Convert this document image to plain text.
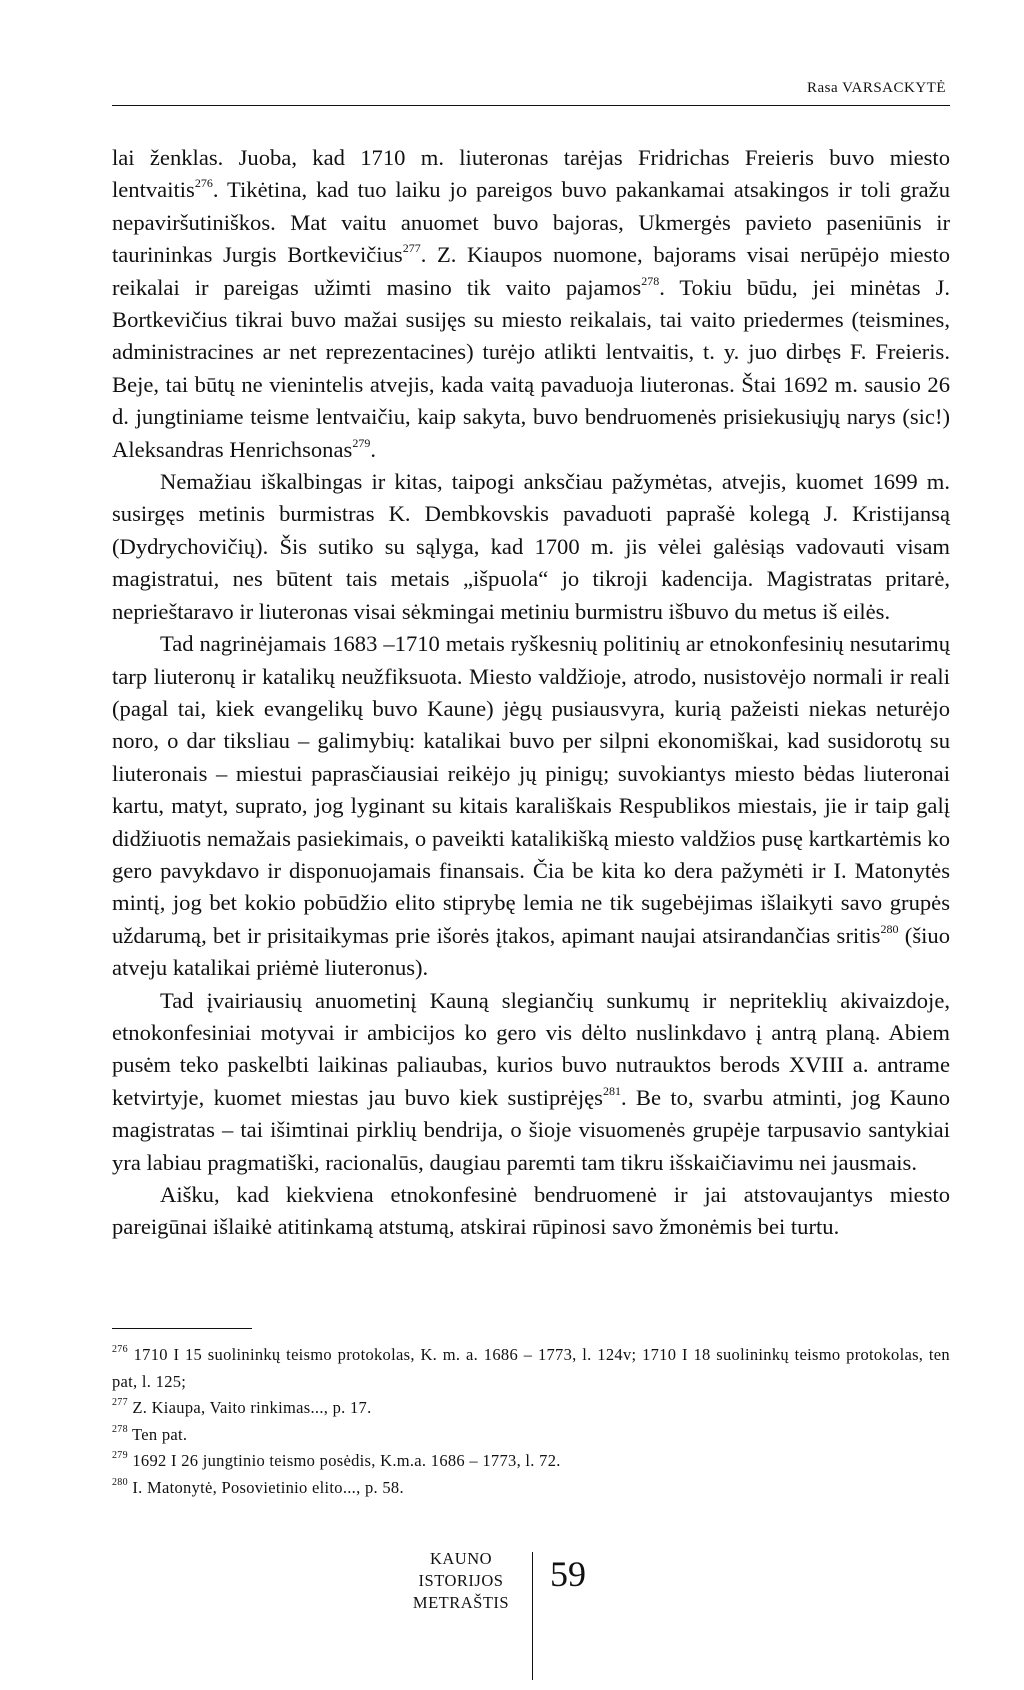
Rasa VARSACKYTĖ

lai ženklas. Juoba, kad 1710 m. liuteronas tarėjas Fridrichas Freieris buvo miesto lentvaitis$^{276}$. Tikėtina, kad tuo laiku jo pareigos buvo pakankamai atsakingos ir toli gražu nepaviršutiniškos. Mat vaitu anuomet buvo bajoras, Ukmergės pavieto paseniūnis ir taurininkas Jurgis Bortkevičius$^{277}$. Z. Kiaupos nuomone, bajorams visai nerūpėjo miesto reikalai ir pareigas užimti masino tik vaito pajamos$^{278}$. Tokiu būdu, jei minėtas J. Bortkevičius tikrai buvo mažai susijęs su miesto reikalais, tai vaito priedermes (teismines, administracines ar net reprezentacines) turėjo atlikti lentvaitis, t. y. juo dirbęs F. Freieris. Beje, tai būtų ne vienintelis atvejis, kada vaitą pavaduoja liuteronas. Štai 1692 m. sausio 26 d. jungtiniame teisme lentvaičiu, kaip sakyta, buvo bendruomenės prisiekusiųjų narys (sic!) Aleksandras Henrichsonas$^{279}$.

Nemažiau iškalbingas ir kitas, taipogi anksčiau pažymėtas, atvejis, kuomet 1699 m. susirgęs metinis burmistras K. Dembkovskis pavaduoti paprašė kolegą J. Kristijansą (Dydrychovičių). Šis sutiko su sąlyga, kad 1700 m. jis vėlei galėsiąs vadovauti visam magistratui, nes būtent tais metais „išpuola“ jo tikroji kadencija. Magistratas pritarė, neprieštaravo ir liuteronas visai sėkmingai metiniu burmistru išbuvo du metus iš eilės.

Tad nagrinėjamais 1683 –1710 metais ryškesnių politinių ar etnokonfesinių nesutarimų tarp liuteronų ir katalikų neužfiksuota. Miesto valdžioje, atrodo, nusistovėjo normali ir reali (pagal tai, kiek evangelikų buvo Kaune) jėgų pusiausvyra, kurią pažeisti niekas neturėjo noro, o dar tiksliau – galimybių: katalikai buvo per silpni ekonomiškai, kad susidorotų su liuteronais – miestui paprasčiausiai reikėjo jų pinigų; suvokiantys miesto bėdas liuteronai kartu, matyt, suprato, jog lyginant su kitais karališkais Respublikos miestais, jie ir taip galį didžiuotis nemažais pasiekimais, o paveikti katalikišką miesto valdžios pusę kartkartėmis ko gero pavykdavo ir disponuojamais finansais. Čia be kita ko dera pažymėti ir I. Matonytės mintį, jog bet kokio pobūdžio elito stiprybę lemia ne tik sugebėjimas išlaikyti savo grupės uždarumą, bet ir prisitaikymas prie išorės įtakos, apimant naujai atsirandančias sritis$^{280}$ (šiuo atveju katalikai priėmė liuteronus).

Tad įvairiausių anuometinį Kauną slegiančių sunkumų ir nepriteklių akivaizdoje, etnokonfesiniai motyvai ir ambicijos ko gero vis dėlto nuslinkdavo į antrą planą. Abiem pusėm teko paskelbti laikinas paliaubas, kurios buvo nutrauktos berods XVIII a. antrame ketvirtyje, kuomet miestas jau buvo kiek sustiprėjęs$^{281}$. Be to, svarbu atminti, jog Kauno magistratas – tai išimtinai pirklių bendrija, o šioje visuomenės grupėje tarpusavio santykiai yra labiau pragmatiški, racionalūs, daugiau paremti tam tikru išskaičiavimu nei jausmais.

Aišku, kad kiekviena etnokonfesinė bendruomenė ir jai atstovaujantys miesto pareigūnai išlaikė atitinkamą atstumą, atskirai rūpinosi savo žmonėmis bei turtu.

$^{276}$ 1710 I 15 suolininkų teismo protokolas, K. m. a. 1686 – 1773, l. 124v; 1710 I 18 suolininkų teismo protokolas, ten pat, l. 125;

$^{277}$ Z. Kiaupa, Vaito rinkimas..., p. 17.

$^{278}$ Ten pat.

$^{279}$ 1692 I 26 jungtinio teismo posėdis, K.m.a. 1686 – 1773, l. 72.

$^{280}$ I. Matonytė, Posovietinio elito..., p. 58.

KAUNO
ISTORIJOS
METRAŠTIS
59
